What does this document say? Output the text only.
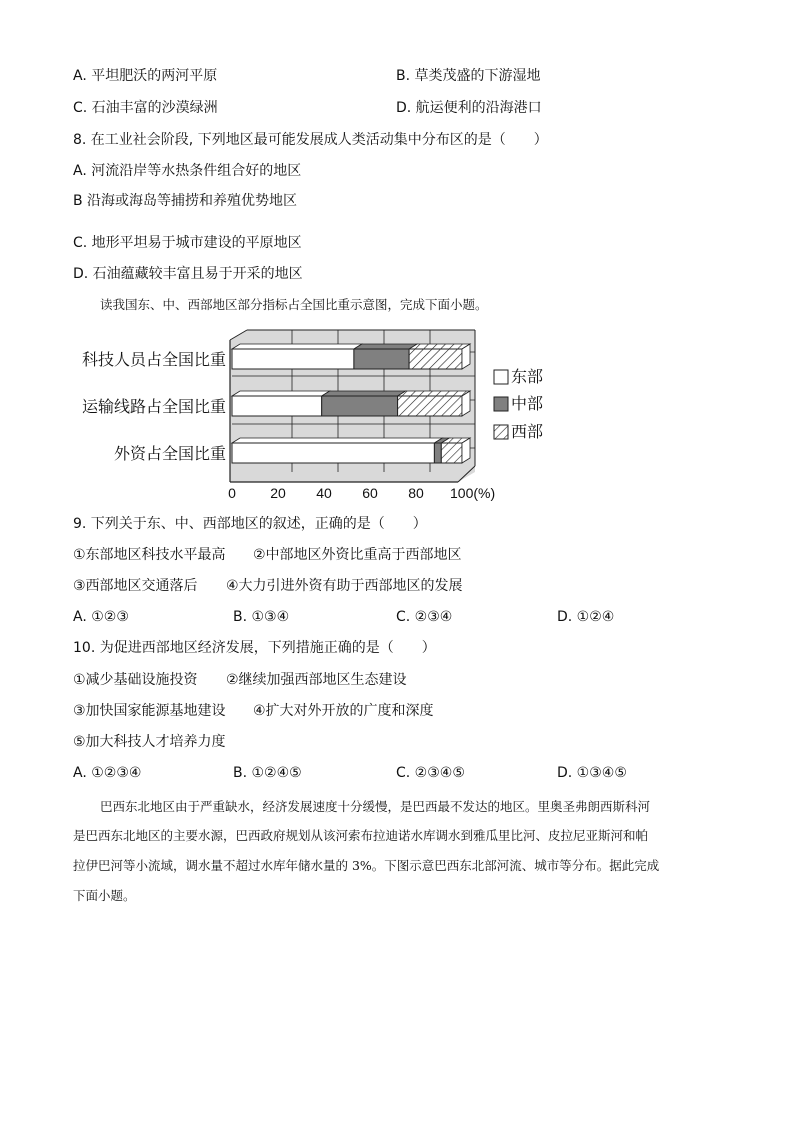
A. 平坦肥沃的两河平原	B. 草类茂盛的下游湿地
C. 石油丰富的沙漠绿洲	D. 航运便利的沿海港口
8. 在工业社会阶段, 下列地区最可能发展成人类活动集中分布区的是（　　）
A. 河流沿岸等水热条件组合好的地区
B 沿海或海岛等捕捞和养殖优势地区
C. 地形平坦易于城市建设的平原地区
D. 石油蕴藏较丰富且易于开采的地区
读我国东、中、西部地区部分指标占全国比重示意图，完成下面小题。
科技人员占全国比重
运输线路占全国比重
外资占全国比重
0 20 40 60 80 100(%)
东部
中部
西部
9. 下列关于东、中、西部地区的叙述，正确的是（　　）
①东部地区科技水平最高 ②中部地区外资比重高于西部地区
③西部地区交通落后 ④大力引进外资有助于西部地区的发展
A. ①②③	B. ①③④	C. ②③④	D. ①②④
10. 为促进西部地区经济发展，下列措施正确的是（　　）
①减少基础设施投资 ②继续加强西部地区生态建设
③加快国家能源基地建设 ④扩大对外开放的广度和深度
⑤加大科技人才培养力度
A. ①②③④	B. ①②④⑤	C. ②③④⑤	D. ①③④⑤
巴西东北地区由于严重缺水，经济发展速度十分缓慢，是巴西最不发达的地区。里奥圣弗朗西斯科河
是巴西东北地区的主要水源，巴西政府规划从该河索布拉迪诺水库调水到雅瓜里比河、皮拉尼亚斯河和帕
拉伊巴河等小流域，调水量不超过水库年储水量的 3%。下图示意巴西东北部河流、城市等分布。据此完成
下面小题。
